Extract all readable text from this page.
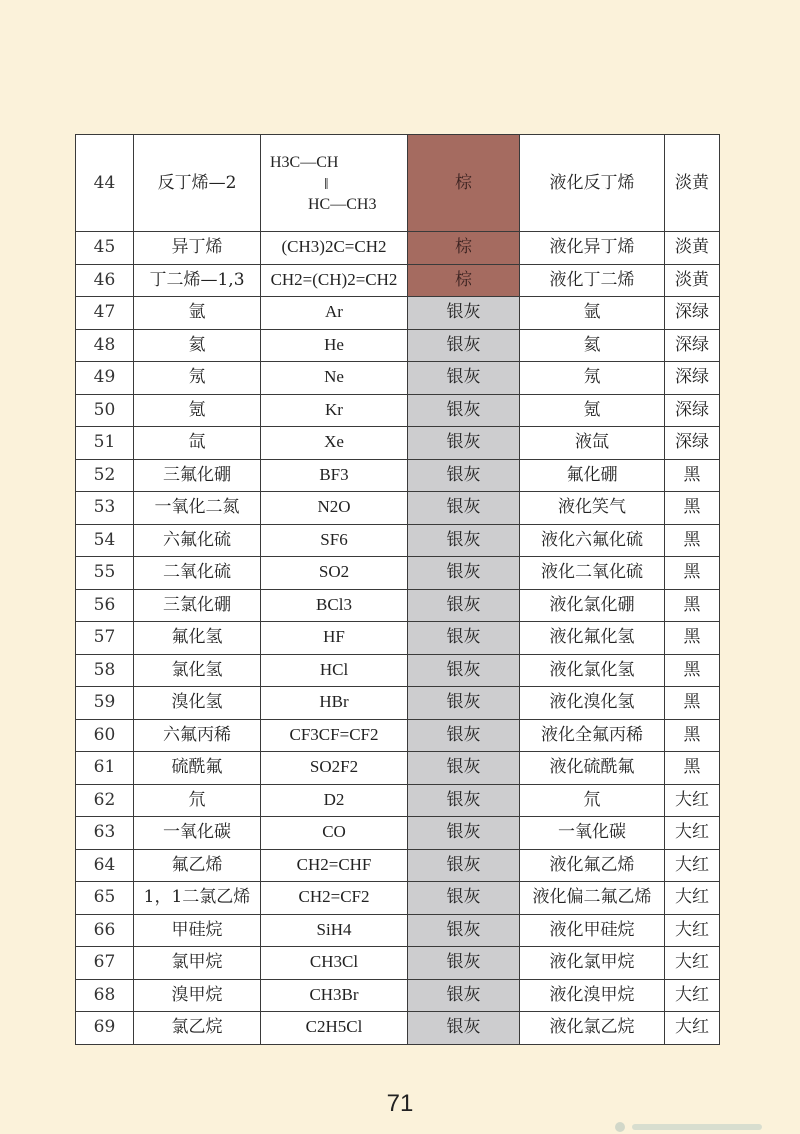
44	反丁烯—2	H3C—CH
‖
HC—CH3	棕	液化反丁烯	淡黄
45	异丁烯	(CH3)2C=CH2	棕	液化异丁烯	淡黄
46	丁二烯—1,3	CH2=(CH)2=CH2	棕	液化丁二烯	淡黄
47	氩	Ar	银灰	氩	深绿
48	氦	He	银灰	氦	深绿
49	氖	Ne	银灰	氖	深绿
50	氪	Kr	银灰	氪	深绿
51	氙	Xe	银灰	液氙	深绿
52	三氟化硼	BF3	银灰	氟化硼	黑
53	一氧化二氮	N2O	银灰	液化笑气	黑
54	六氟化硫	SF6	银灰	液化六氟化硫	黑
55	二氧化硫	SO2	银灰	液化二氧化硫	黑
56	三氯化硼	BCl3	银灰	液化氯化硼	黑
57	氟化氢	HF	银灰	液化氟化氢	黑
58	氯化氢	HCl	银灰	液化氯化氢	黑
59	溴化氢	HBr	银灰	液化溴化氢	黑
60	六氟丙稀	CF3CF=CF2	银灰	液化全氟丙稀	黑
61	硫酰氟	SO2F2	银灰	液化硫酰氟	黑
62	氘	D2	银灰	氘	大红
63	一氧化碳	CO	银灰	一氧化碳	大红
64	氟乙烯	CH2=CHF	银灰	液化氟乙烯	大红
65	1，1二氯乙烯	CH2=CF2	银灰	液化偏二氟乙烯	大红
66	甲硅烷	SiH4	银灰	液化甲硅烷	大红
67	氯甲烷	CH3Cl	银灰	液化氯甲烷	大红
68	溴甲烷	CH3Br	银灰	液化溴甲烷	大红
69	氯乙烷	C2H5Cl	银灰	液化氯乙烷	大红
71
